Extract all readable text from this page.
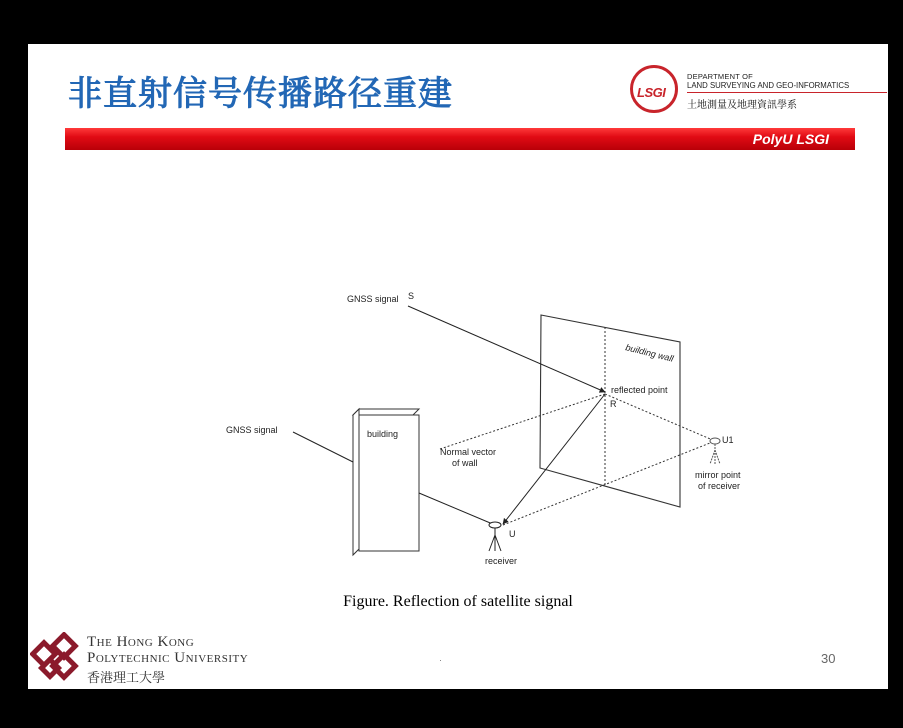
非直射信号传播路径重建	LSGI
DEPARTMENT OF
LAND SURVEYING AND GEO-INFORMATICS
土地測量及地理資訊學系
PolyU LSGI
GNSS signal S
GNSS signal	building
building wall
reflected point
R
Normal vector
of wall
U1
mirror point
of receiver
U
receiver
Figure. Reflection of satellite signal
The Hong Kong
Polytechnic University
香港理工大學
30
